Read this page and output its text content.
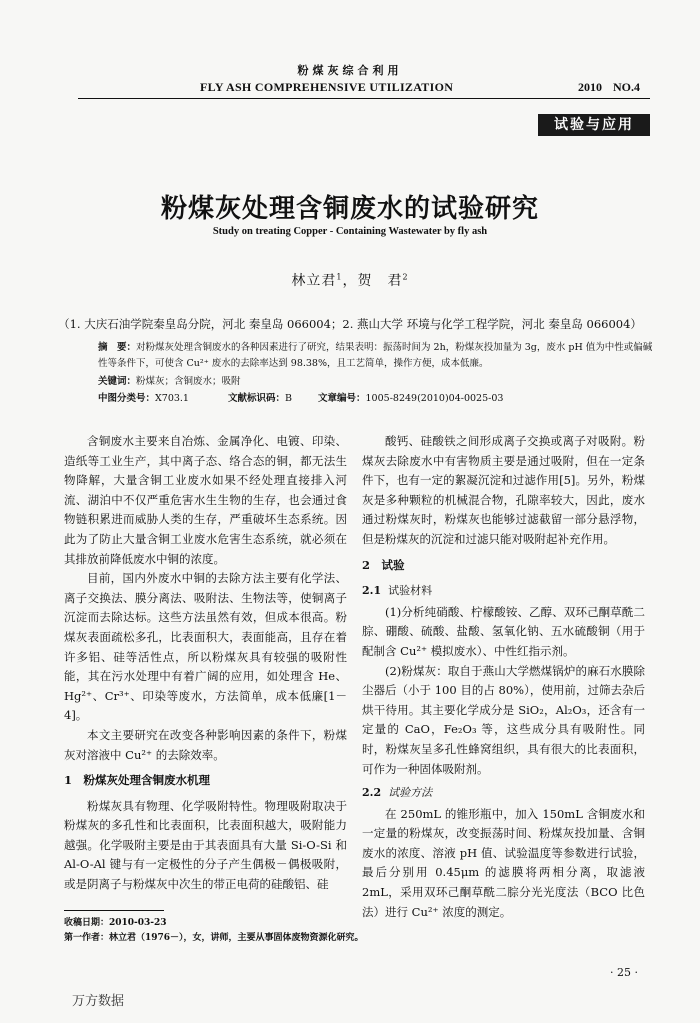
粉煤灰综合利用
FLY ASH COMPREHENSIVE UTILIZATION	2010 NO.4
试验与应用
粉煤灰处理含铜废水的试验研究
Study on treating Copper - Containing Wastewater by fly ash
林立君$^1$，贺　君$^2$
（1. 大庆石油学院秦皇岛分院，河北 秦皇岛 066004；2. 燕山大学 环境与化学工程学院，河北 秦皇岛 066004）
摘　要：对粉煤灰处理含铜废水的各种因素进行了研究，结果表明：振荡时间为 2h，粉煤灰投加量为 3g，废水 pH 值为中性或偏碱性等条件下，可使含 Cu²⁺ 废水的去除率达到 98.38%，且工艺简单，操作方便，成本低廉。
关键词：粉煤灰；含铜废水；吸附
中图分类号：X703.1	文献标识码：B	文章编号：1005-8249(2010)04-0025-03

含铜废水主要来自冶炼、金属净化、电镀、印染、造纸等工业生产，其中离子态、络合态的铜，都无法生物降解，大量含铜工业废水如果不经处理直接排入河流、湖泊中不仅严重危害水生生物的生存，也会通过食物链积累进而威胁人类的生存，严重破坏生态系统。因此为了防止大量含铜工业废水危害生态系统，就必须在其排放前降低废水中铜的浓度。

目前，国内外废水中铜的去除方法主要有化学法、离子交换法、膜分离法、吸附法、生物法等，使铜离子沉淀而去除达标。这些方法虽然有效，但成本很高。粉煤灰表面疏松多孔，比表面积大，表面能高，且存在着许多铝、硅等活性点，所以粉煤灰具有较强的吸附性能，其在污水处理中有着广阔的应用，如处理含 He、Hg²⁺、Cr³⁺、印染等废水，方法简单，成本低廉[1－4]。

本文主要研究在改变各种影响因素的条件下，粉煤灰对溶液中 Cu²⁺ 的去除效率。

1　粉煤灰处理含铜废水机理

粉煤灰具有物理、化学吸附特性。物理吸附取决于粉煤灰的多孔性和比表面积，比表面积越大，吸附能力越强。化学吸附主要是由于其表面具有大量 Si-O-Si 和 Al-O-Al 键与有一定极性的分子产生偶极－偶极吸附，或是阴离子与粉煤灰中次生的带正电荷的硅酸铝、硅

酸钙、硅酸铁之间形成离子交换或离子对吸附。粉煤灰去除废水中有害物质主要是通过吸附，但在一定条件下，也有一定的絮凝沉淀和过滤作用[5]。另外，粉煤灰是多种颗粒的机械混合物，孔隙率较大，因此，废水通过粉煤灰时，粉煤灰也能够过滤截留一部分悬浮物，但是粉煤灰的沉淀和过滤只能对吸附起补充作用。

2　试验
2.1 试验材料

(1)分析纯硝酸、柠檬酸铵、乙醇、双环己酮草酰二腙、硼酸、硫酸、盐酸、氢氧化钠、五水硫酸铜（用于配制含 Cu²⁺ 模拟废水）、中性红指示剂。

(2)粉煤灰：取自于燕山大学燃煤锅炉的麻石水膜除尘器后（小于 100 目的占 80%），使用前，过筛去杂后烘干待用。其主要化学成分是 SiO₂，Al₂O₃，还含有一定量的 CaO，Fe₂O₃ 等，这些成分具有吸附性。同时，粉煤灰呈多孔性蜂窝组织，具有很大的比表面积，可作为一种固体吸附剂。

2.2 试验方法

在 250mL 的锥形瓶中，加入 150mL 含铜废水和一定量的粉煤灰，改变振荡时间、粉煤灰投加量、含铜废水的浓度、溶液 pH 值、试验温度等参数进行试验，最后分别用 0.45μm 的滤膜将两相分离，取滤液 2mL，采用双环己酮草酰二腙分光光度法（BCO 比色法）进行 Cu²⁺ 浓度的测定。

收稿日期：2010-03-23
第一作者：林立君（1976－），女，讲师，主要从事固体废物资源化研究。
· 25 ·
万方数据
